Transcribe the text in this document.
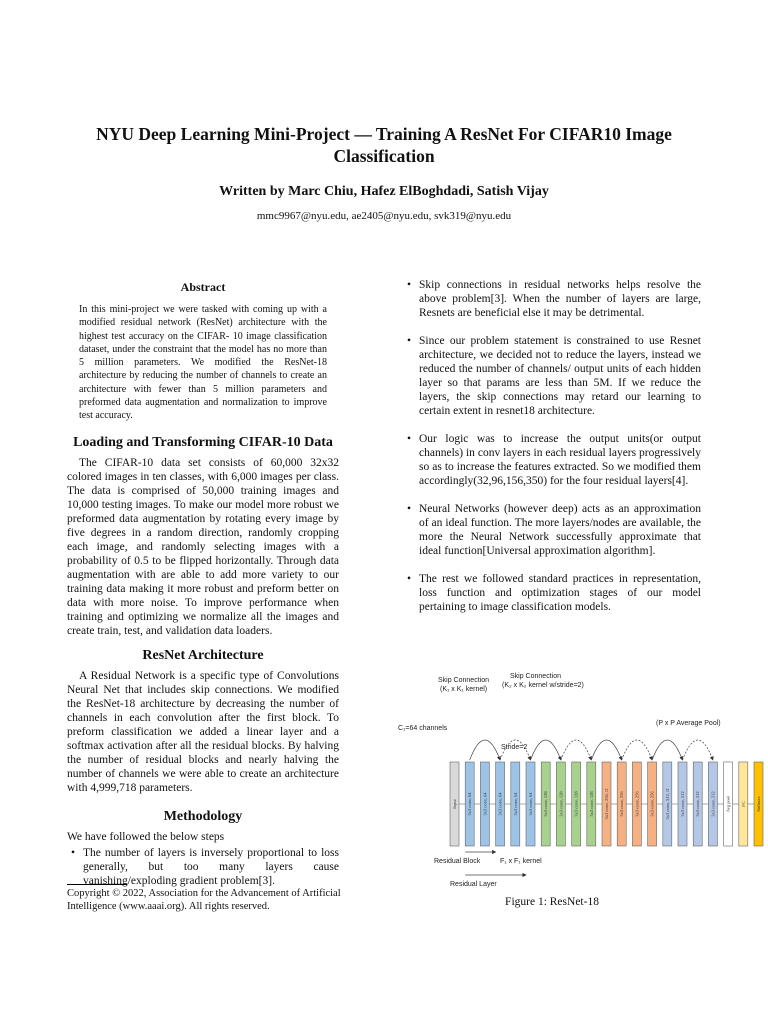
NYU Deep Learning Mini-Project — Training A ResNet For CIFAR10 Image Classification
Written by Marc Chiu, Hafez ElBoghdadi, Satish Vijay
mmc9967@nyu.edu, ae2405@nyu.edu, svk319@nyu.edu
Abstract

In this mini-project we were tasked with coming up with a modified residual network (ResNet) architecture with the highest test accuracy on the CIFAR- 10 image classification dataset, under the constraint that the model has no more than 5 million parameters. We modified the ResNet-18 architecture by reducing the number of channels to create an architecture with fewer than 5 million parameters and preformed data augmentation and normalization to improve test accuracy.

Loading and Transforming CIFAR-10 Data

The CIFAR-10 data set consists of 60,000 32x32 colored images in ten classes, with 6,000 images per class. The data is comprised of 50,000 training images and 10,000 testing images. To make our model more robust we preformed data augmentation by rotating every image by five degrees in a random direction, randomly cropping each image, and randomly selecting images with a probability of 0.5 to be flipped horizontally. Through data augmentation with are able to add more variety to our training data making it more robust and preform better on data with more noise. To improve performance when training and optimizing we normalize all the images and create train, test, and validation data loaders.

ResNet Architecture

A Residual Network is a specific type of Convolutions Neural Net that includes skip connections. We modified the ResNet-18 architecture by decreasing the number of channels in each convolution after the first block. To preform classification we added a linear layer and a softmax activation after all the residual blocks. By halving the number of residual blocks and nearly halving the number of channels we were able to create an architecture with 4,999,718 parameters.

Methodology

We have followed the below steps

• The number of layers is inversely proportional to loss generally, but too many layers cause vanishing/exploding gradient problem[3].
Copyright © 2022, Association for the Advancement of Artificial Intelligence (www.aaai.org). All rights reserved.
• Skip connections in residual networks helps resolve the above problem[3]. When the number of layers are large, Resnets are beneficial else it may be detrimental.
• Since our problem statement is constrained to use Resnet architecture, we decided not to reduce the layers, instead we reduced the number of channels/ output units of each hidden layer so that params are less than 5M. If we reduce the layers, the skip connections may retard our learning to certain extent in resnet18 architecture.
• Our logic was to increase the output units(or output channels) in conv layers in each residual layers progressively so as to increase the features extracted. So we modified them accordingly(32,96,156,350) for the four residual layers[4].
• Neural Networks (however deep) acts as an approximation of an ideal function. The more layers/nodes are available, the more the Neural Network successfully approximate that ideal function[Universal approximation algorithm].
• The rest we followed standard practices in representation, loss function and optimization stages of our model pertaining to image classification models.
Skip Connection
(K₁ x K₁ kernel)
Skip Connection
(K₂ x K₂ kernel w/stride=2)
C₁=64 channels
(P x P Average Pool)
Stride=2
Residual Block	F₁ x F₁ kernel
Residual Layer
Input 3x3 conv, 64 3x3 conv, 64 3x3 conv, 64 3x3 conv, 64 3x3 conv, 64 3x3 conv, 128 3x3 conv, 128 3x3 conv, 128 3x3 conv, 128 3x3 conv, 256, /2 3x3 conv, 256 3x3 conv, 256 3x3 conv, 256 3x3 conv, 512, /2 3x3 conv, 512 3x3 conv, 512 3x3 conv, 512 Avg pool FC Softmax
Figure 1: ResNet-18
